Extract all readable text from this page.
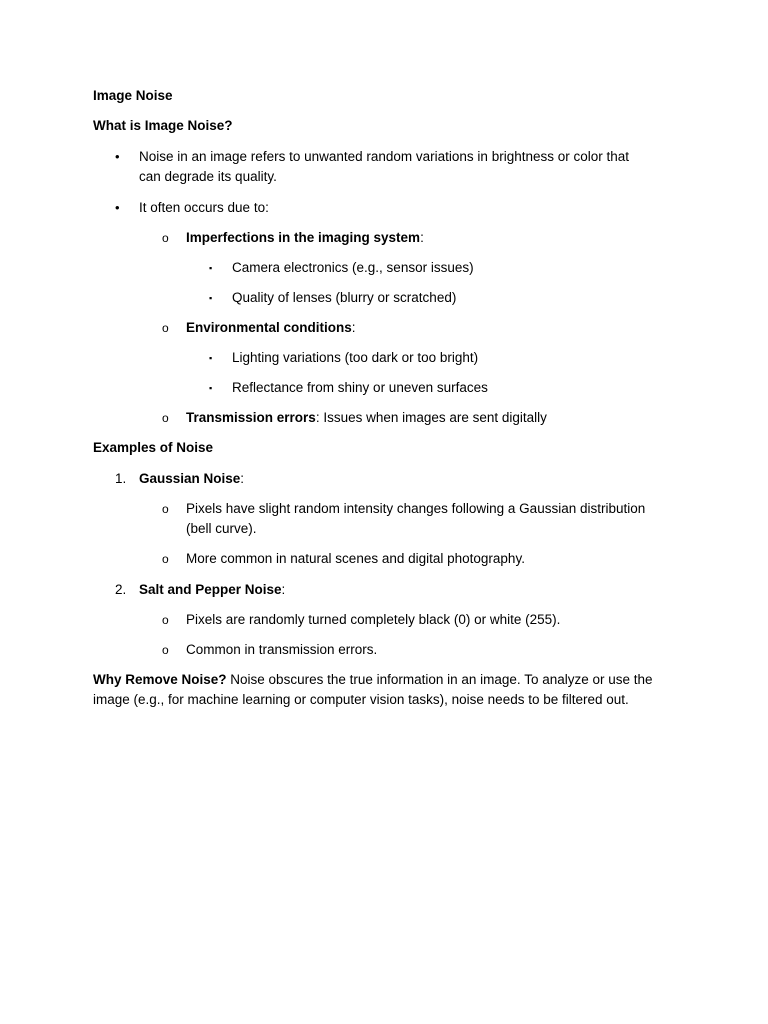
Image Noise
What is Image Noise?
• Noise in an image refers to unwanted random variations in brightness or color that
can degrade its quality.
• It often occurs due to:
o Imperfections in the imaging system:
▪ Camera electronics (e.g., sensor issues)
▪ Quality of lenses (blurry or scratched)
o Environmental conditions:
▪ Lighting variations (too dark or too bright)
▪ Reflectance from shiny or uneven surfaces
o Transmission errors: Issues when images are sent digitally
Examples of Noise
1. Gaussian Noise:
o Pixels have slight random intensity changes following a Gaussian distribution
(bell curve).
o More common in natural scenes and digital photography.
2. Salt and Pepper Noise:
o Pixels are randomly turned completely black (0) or white (255).
o Common in transmission errors.
Why Remove Noise? Noise obscures the true information in an image. To analyze or use the
image (e.g., for machine learning or computer vision tasks), noise needs to be filtered out.
